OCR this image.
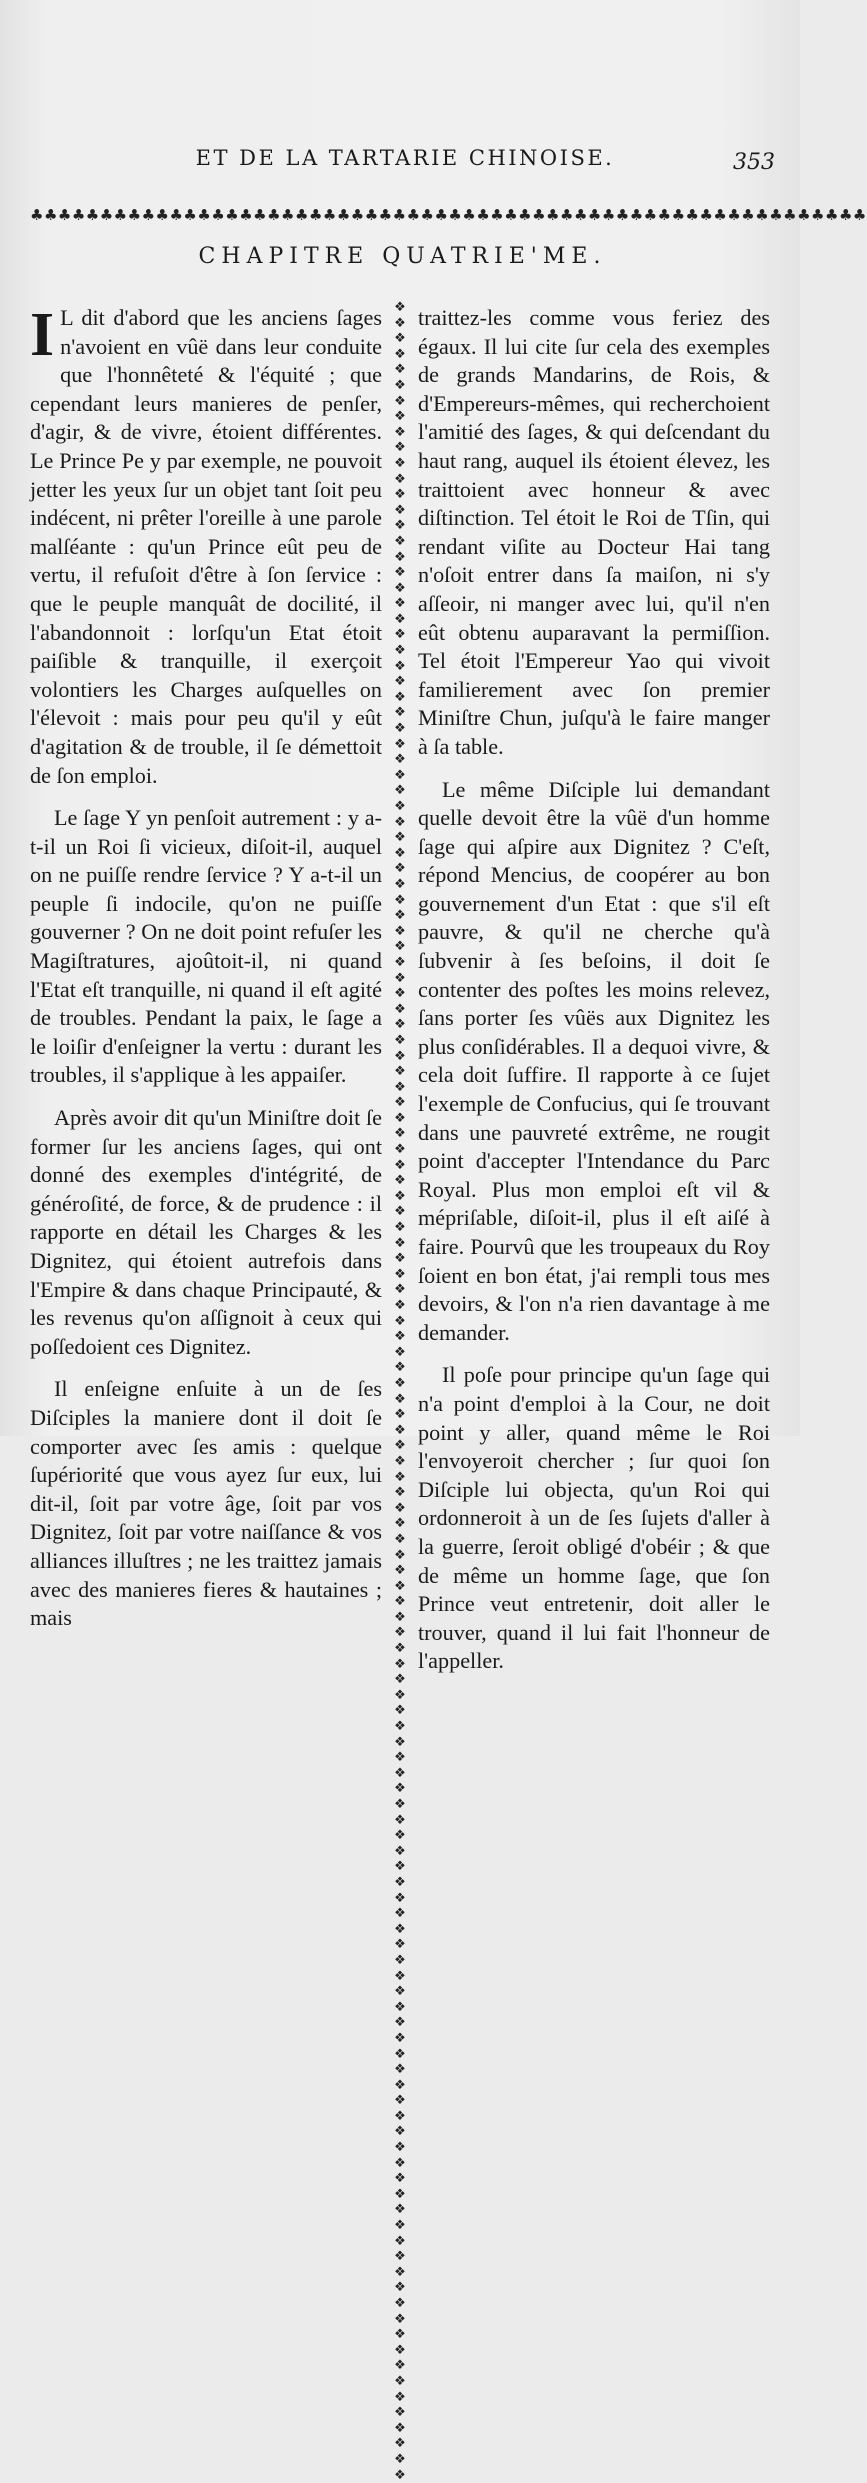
ET DE LA TARTARIE CHINOISE.	353
♣♣♣♣♣♣♣♣♣♣♣♣♣♣♣♣♣♣♣♣♣♣♣♣♣♣♣♣♣♣♣♣♣♣♣♣♣♣♣♣♣♣♣♣♣♣♣♣♣♣♣♣♣♣♣♣♣♣♣♣
CHAPITRE QUATRIE'ME.

I L dit d'abord que les anciens ſages n'avoient en vûë dans leur conduite que l'honnêteté & l'équité ; que cependant leurs manieres de penſer, d'agir, & de vivre, étoient différentes. Le Prince Pe y par exemple, ne pouvoit jetter les yeux ſur un objet tant ſoit peu indécent, ni prêter l'oreille à une parole malſéante : qu'un Prince eût peu de vertu, il refuſoit d'être à ſon ſervice : que le peuple manquât de docilité, il l'abandonnoit : lorſqu'un Etat étoit paiſible & tranquille, il exerçoit volontiers les Charges auſquelles on l'élevoit : mais pour peu qu'il y eût d'agitation & de trouble, il ſe démettoit de ſon emploi.

Le ſage Y yn penſoit autrement : y a-t-il un Roi ſi vicieux, diſoit-il, auquel on ne puiſſe rendre ſervice ? Y a-t-il un peuple ſi indocile, qu'on ne puiſſe gouverner ? On ne doit point refuſer les Magiſtratures, ajoûtoit-il, ni quand l'Etat eſt tranquille, ni quand il eſt agité de troubles. Pendant la paix, le ſage a le loiſir d'enſeigner la vertu : durant les troubles, il s'applique à les appaiſer.

Après avoir dit qu'un Miniſtre doit ſe former ſur les anciens ſages, qui ont donné des exemples d'intégrité, de généroſité, de force, & de prudence : il rapporte en détail les Charges & les Dignitez, qui étoient autrefois dans l'Empire & dans chaque Principauté, & les revenus qu'on aſſignoit à ceux qui poſſedoient ces Dignitez.

Il enſeigne enſuite à un de ſes Diſciples la maniere dont il doit ſe comporter avec ſes amis : quelque ſupériorité que vous ayez ſur eux, lui dit-il, ſoit par votre âge, ſoit par vos Dignitez, ſoit par votre naiſſance & vos alliances illuſtres ; ne les traittez jamais avec des manieres fieres & hautaines ; mais

❖❖❖❖❖❖❖❖❖❖❖❖❖❖❖❖❖❖❖❖❖❖❖❖❖❖❖❖❖❖❖❖❖❖❖❖❖❖❖❖❖❖❖❖❖❖❖❖❖❖❖❖❖❖❖❖❖❖❖❖❖❖❖❖❖❖❖❖❖❖❖❖❖❖❖❖❖❖❖❖❖❖❖❖❖❖❖❖❖❖❖❖❖❖❖❖❖❖❖❖❖❖❖❖❖❖❖❖❖❖❖❖❖❖❖❖❖❖❖❖❖❖❖❖❖❖❖❖❖❖❖❖❖❖❖❖❖❖❖❖

traittez-les comme vous feriez des égaux. Il lui cite ſur cela des exemples de grands Mandarins, de Rois, & d'Empereurs-mêmes, qui recherchoient l'amitié des ſages, & qui deſcendant du haut rang, auquel ils étoient élevez, les traittoient avec honneur & avec diſtinction. Tel étoit le Roi de Tſin, qui rendant viſite au Docteur Hai tang n'oſoit entrer dans ſa maiſon, ni s'y aſſeoir, ni manger avec lui, qu'il n'en eût obtenu auparavant la permiſſion. Tel étoit l'Empereur Yao qui vivoit familierement avec ſon premier Miniſtre Chun, juſqu'à le faire manger à ſa table.

Le même Diſciple lui demandant quelle devoit être la vûë d'un homme ſage qui aſpire aux Dignitez ? C'eſt, répond Mencius, de coopérer au bon gouvernement d'un Etat : que s'il eſt pauvre, & qu'il ne cherche qu'à ſubvenir à ſes beſoins, il doit ſe contenter des poſtes les moins relevez, ſans porter ſes vûës aux Dignitez les plus conſidérables. Il a dequoi vivre, & cela doit ſuffire. Il rapporte à ce ſujet l'exemple de Confucius, qui ſe trouvant dans une pauvreté extrême, ne rougit point d'accepter l'Intendance du Parc Royal. Plus mon emploi eſt vil & mépriſable, diſoit-il, plus il eſt aiſé à faire. Pourvû que les troupeaux du Roy ſoient en bon état, j'ai rempli tous mes devoirs, & l'on n'a rien davantage à me demander.

Il poſe pour principe qu'un ſage qui n'a point d'emploi à la Cour, ne doit point y aller, quand même le Roi l'envoyeroit chercher ; ſur quoi ſon Diſciple lui objecta, qu'un Roi qui ordonneroit à un de ſes ſujets d'aller à la guerre, ſeroit obligé d'obéir ; & que de même un homme ſage, que ſon Prince veut entretenir, doit aller le trouver, quand il lui fait l'honneur de l'appeller.
